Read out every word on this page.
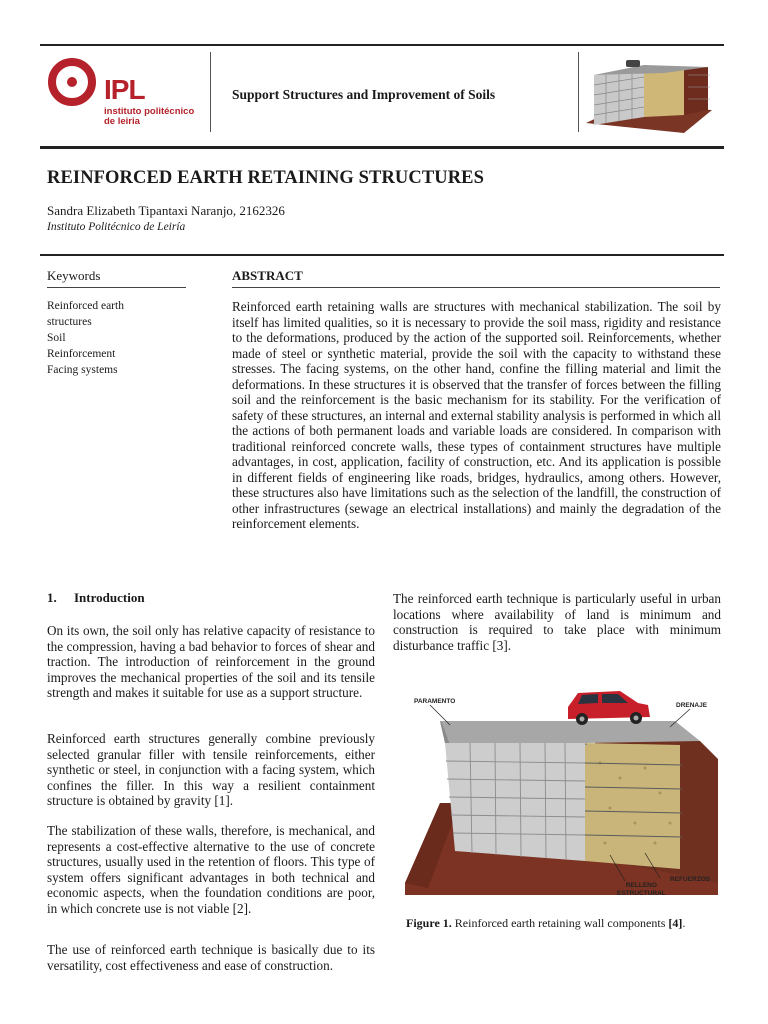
IPL
instituto politécnico
de leiria
Support Structures and Improvement of Soils
REINFORCED EARTH RETAINING STRUCTURES
Sandra Elizabeth Tipantaxi Naranjo, 2162326
Instituto Politécnico de Leiría
Keywords
Reinforced earth
structures
Soil
Reinforcement
Facing systems
ABSTRACT
Reinforced earth retaining walls are structures with mechanical stabilization. The soil by itself has limited qualities, so it is necessary to provide the soil mass, rigidity and resistance to the deformations, produced by the action of the supported soil. Reinforcements, whether made of steel or synthetic material, provide the soil with the capacity to withstand these stresses. The facing systems, on the other hand, confine the filling material and limit the deformations. In these structures it is observed that the transfer of forces between the filling soil and the reinforcement is the basic mechanism for its stability. For the verification of safety of these structures, an internal and external stability analysis is performed in which all the actions of both permanent loads and variable loads are considered. In comparison with traditional reinforced concrete walls, these types of containment structures have multiple advantages, in cost, application, facility of construction, etc. And its application is possible in different fields of engineering like roads, bridges, hydraulics, among others. However, these structures also have limitations such as the selection of the landfill, the construction of other infrastructures (sewage an electrical installations) and mainly the degradation of the reinforcement elements.
1. Introduction
On its own, the soil only has relative capacity of resistance to the compression, having a bad behavior to forces of shear and traction. The introduction of reinforcement in the ground improves the mechanical properties of the soil and its tensile strength and makes it suitable for use as a support structure.
Reinforced earth structures generally combine previously selected granular filler with tensile reinforcements, either synthetic or steel, in conjunction with a facing system, which confines the filler. In this way a resilient containment structure is obtained by gravity [1].
The stabilization of these walls, therefore, is mechanical, and represents a cost-effective alternative to the use of concrete structures, usually used in the retention of floors. This type of system offers significant advantages in both technical and economic aspects, when the foundation conditions are poor, in which concrete use is not viable [2].
The use of reinforced earth technique is basically due to its versatility, cost effectiveness and ease of construction.
The reinforced earth technique is particularly useful in urban locations where availability of land is minimum and construction is required to take place with minimum disturbance traffic [3].
PARAMENTO
DRENAJE
REFUERZOS
RELLENO
ESTRUCTURAL
Figure 1. Reinforced earth retaining wall components [4].
